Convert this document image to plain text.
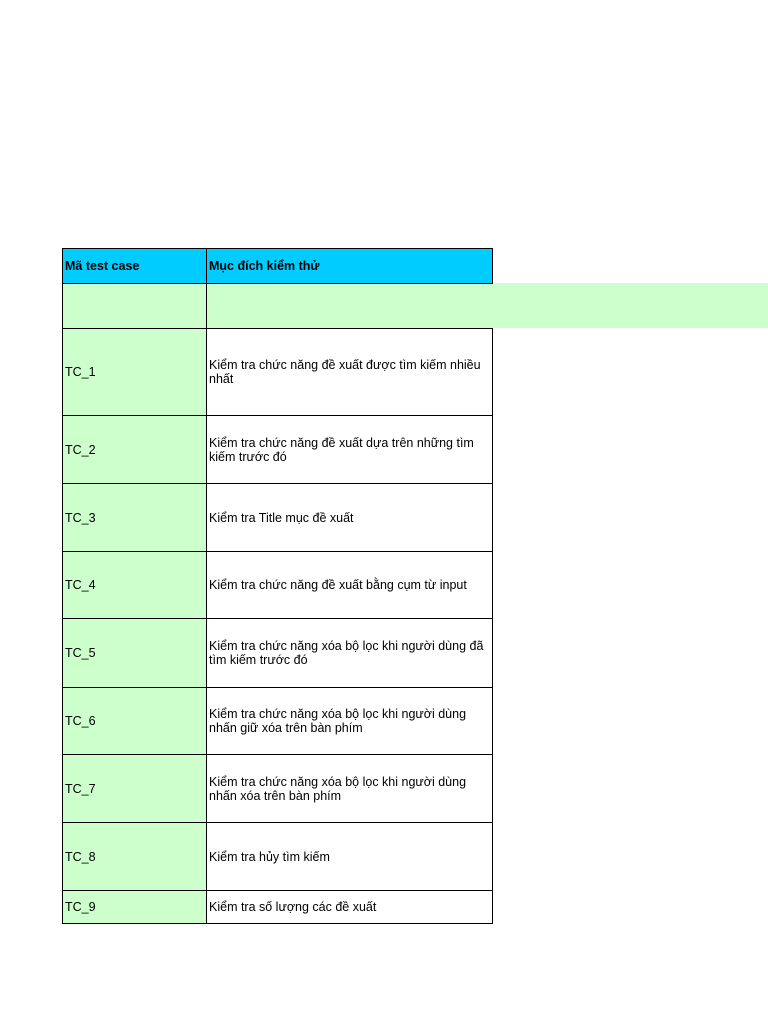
Mã test case	Mục đích kiểm thử
TC_1	Kiểm tra chức năng đề xuất được tìm kiếm nhiều nhất
TC_2	Kiểm tra chức năng đề xuất dựa trên những tìm kiếm trước đó
TC_3	Kiểm tra Title mục đề xuất
TC_4	Kiểm tra chức năng đề xuất bằng cụm từ input
TC_5	Kiểm tra chức năng xóa bộ lọc khi người dùng đã tìm kiếm trước đó
TC_6	Kiểm tra chức năng xóa bộ lọc khi người dùng nhấn giữ xóa trên bàn phím
TC_7	Kiểm tra chức năng xóa bộ lọc khi người dùng nhấn xóa trên bàn phím
TC_8	Kiểm tra hủy tìm kiếm
TC_9	Kiểm tra số lượng các đề xuất
